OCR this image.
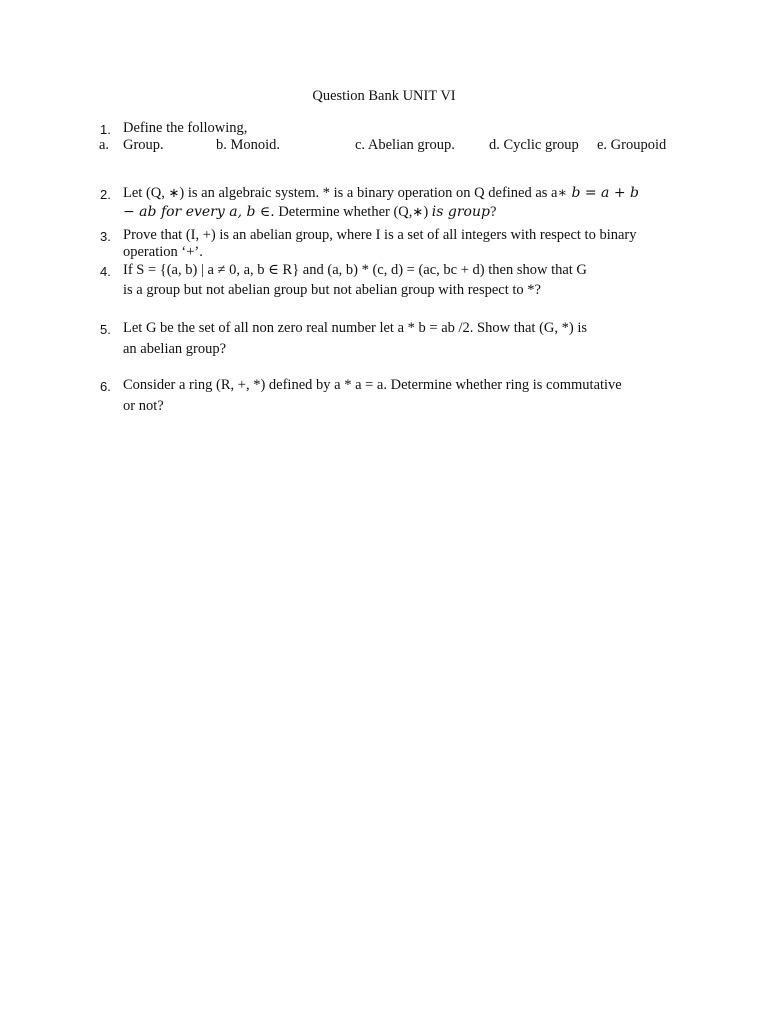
Question Bank UNIT VI
1. Define the following,
a. Group.	b. Monoid.	c. Abelian group. d. Cyclic group e. Groupoid
2. Let (Q, ∗) is an algebraic system. * is a binary operation on Q defined as a∗ b = a + b
− ab for every a, b ∈. Determine whether (Q,∗) is group?
3. Prove that (I, +) is an abelian group, where I is a set of all integers with respect to binary
operation ‘+’.
4. If S = {(a, b) | a ≠ 0, a, b ∈ R} and (a, b) * (c, d) = (ac, bc + d) then show that G
is a group but not abelian group but not abelian group with respect to *?
5. Let G be the set of all non zero real number let a * b = ab /2. Show that (G, *) is
an abelian group?
6. Consider a ring (R, +, *) defined by a * a = a. Determine whether ring is commutative
or not?
